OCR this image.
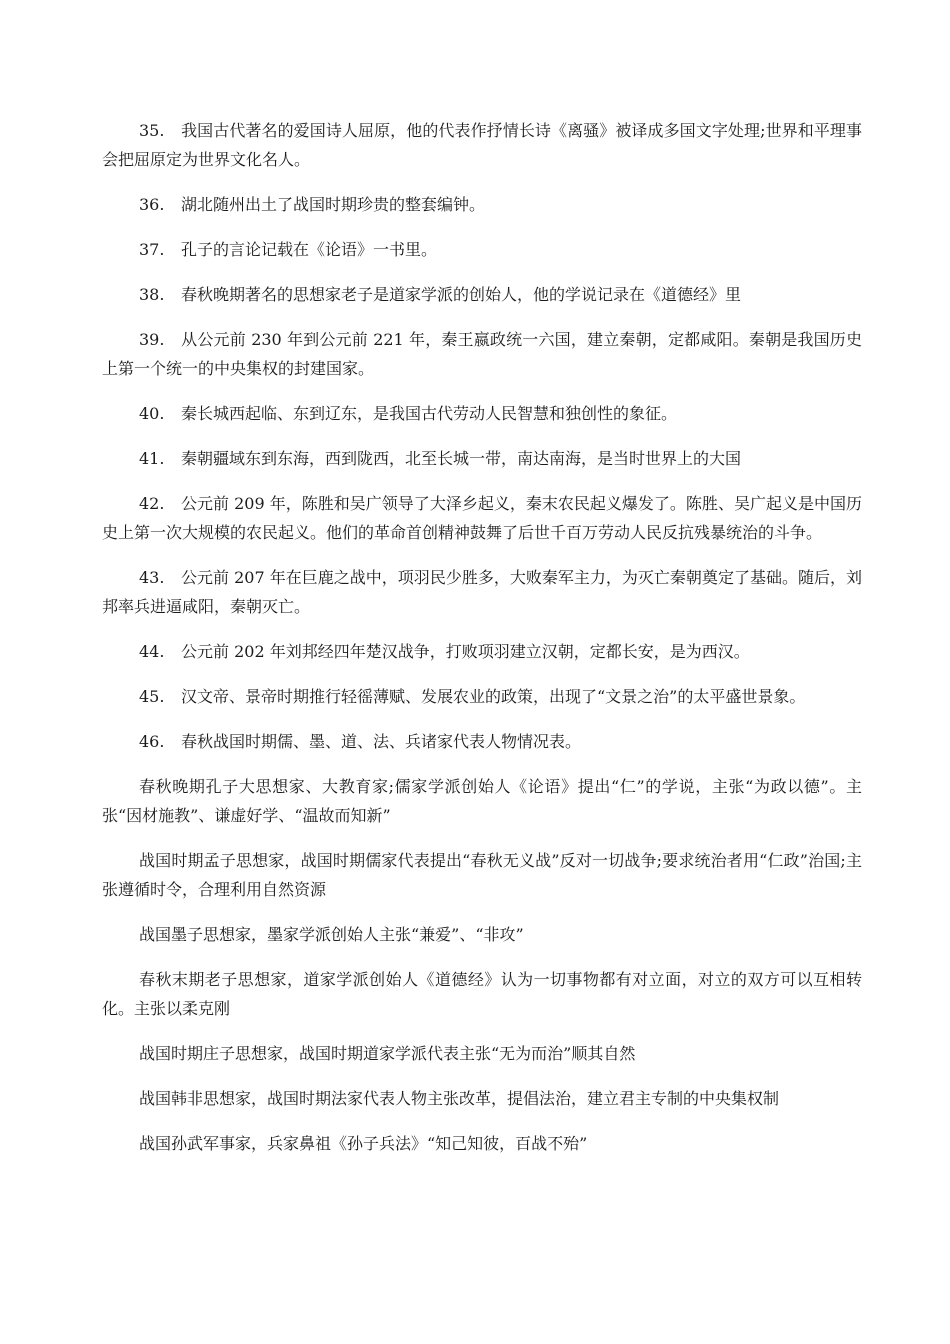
35. 我国古代著名的爱国诗人屈原，他的代表作抒情长诗《离骚》被译成多国文字处理;世界和平理事会把屈原定为世界文化名人。

36. 湖北随州出土了战国时期珍贵的整套编钟。

37. 孔子的言论记载在《论语》一书里。

38. 春秋晚期著名的思想家老子是道家学派的创始人，他的学说记录在《道德经》里

39. 从公元前 230 年到公元前 221 年，秦王嬴政统一六国，建立秦朝，定都咸阳。秦朝是我国历史上第一个统一的中央集权的封建国家。

40. 秦长城西起临、东到辽东，是我国古代劳动人民智慧和独创性的象征。

41. 秦朝疆域东到东海，西到陇西，北至长城一带，南达南海，是当时世界上的大国

42. 公元前 209 年，陈胜和吴广领导了大泽乡起义，秦末农民起义爆发了。陈胜、吴广起义是中国历史上第一次大规模的农民起义。他们的革命首创精神鼓舞了后世千百万劳动人民反抗残暴统治的斗争。

43. 公元前 207 年在巨鹿之战中，项羽民少胜多，大败秦军主力，为灭亡秦朝奠定了基础。随后，刘邦率兵进逼咸阳，秦朝灭亡。

44. 公元前 202 年刘邦经四年楚汉战争，打败项羽建立汉朝，定都长安，是为西汉。

45. 汉文帝、景帝时期推行轻徭薄赋、发展农业的政策，出现了“文景之治”的太平盛世景象。

46. 春秋战国时期儒、墨、道、法、兵诸家代表人物情况表。

春秋晚期孔子大思想家、大教育家;儒家学派创始人《论语》提出“仁”的学说，主张“为政以德”。主张“因材施教”、谦虚好学、“温故而知新”

战国时期孟子思想家，战国时期儒家代表提出“春秋无义战”反对一切战争;要求统治者用“仁政”治国;主张遵循时令，合理利用自然资源

战国墨子思想家，墨家学派创始人主张“兼爱”、“非攻”

春秋末期老子思想家，道家学派创始人《道德经》认为一切事物都有对立面，对立的双方可以互相转化。主张以柔克刚

战国时期庄子思想家，战国时期道家学派代表主张“无为而治”顺其自然

战国韩非思想家，战国时期法家代表人物主张改革，提倡法治，建立君主专制的中央集权制

战国孙武军事家，兵家鼻祖《孙子兵法》“知己知彼，百战不殆”
